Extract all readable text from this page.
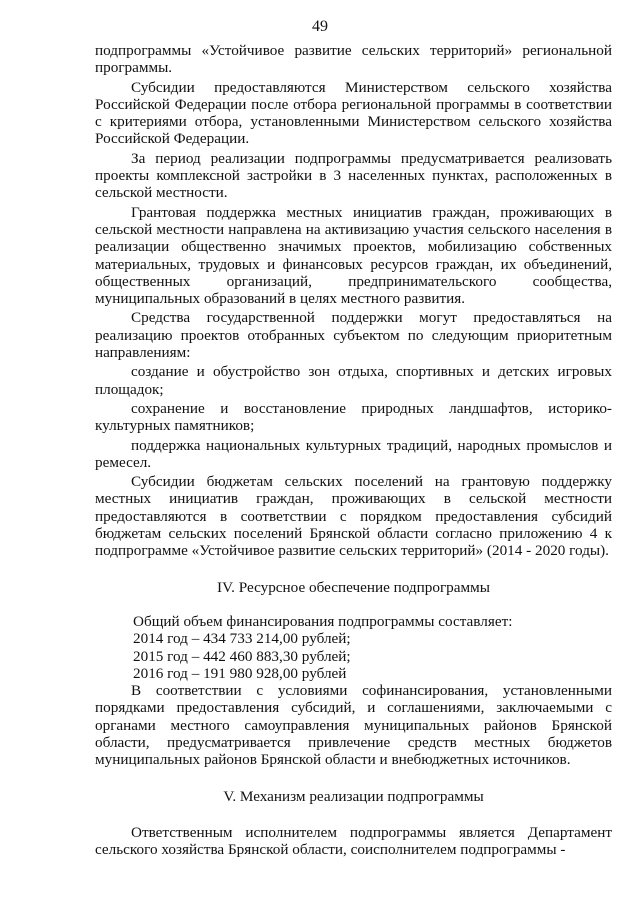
49

подпрограммы «Устойчивое развитие сельских территорий» региональной программы.

Субсидии предоставляются Министерством сельского хозяйства Российской Федерации после отбора региональной программы в соответствии с критериями отбора, установленными Министерством сельского хозяйства Российской Федерации.

За период реализации подпрограммы предусматривается реализовать проекты комплексной застройки в 3 населенных пунктах, расположенных в сельской местности.

Грантовая поддержка местных инициатив граждан, проживающих в сельской местности направлена на активизацию участия сельского населения в реализации общественно значимых проектов, мобилизацию собственных материальных, трудовых и финансовых ресурсов граждан, их объединений, общественных организаций, предпринимательского сообщества, муниципальных образований в целях местного развития.

Средства государственной поддержки могут предоставляться на реализацию проектов отобранных субъектом по следующим приоритетным направлениям:

создание и обустройство зон отдыха, спортивных и детских игровых площадок;

сохранение и восстановление природных ландшафтов, историко-культурных памятников;

поддержка национальных культурных традиций, народных промыслов и ремесел.

Субсидии бюджетам сельских поселений на грантовую поддержку местных инициатив граждан, проживающих в сельской местности предоставляются в соответствии с порядком предоставления субсидий бюджетам сельских поселений Брянской области согласно приложению 4 к подпрограмме «Устойчивое развитие сельских территорий» (2014 - 2020 годы).

IV. Ресурсное обеспечение подпрограммы

Общий объем финансирования подпрограммы составляет:

2014 год – 434 733 214,00 рублей;

2015 год – 442 460 883,30 рублей;

2016 год – 191 980 928,00 рублей

В соответствии с условиями софинансирования, установленными порядками предоставления субсидий, и соглашениями, заключаемыми с органами местного самоуправления муниципальных районов Брянской области, предусматривается привлечение средств местных бюджетов муниципальных районов Брянской области и внебюджетных источников.

V. Механизм реализации подпрограммы

Ответственным исполнителем подпрограммы является Департамент сельского хозяйства Брянской области, соисполнителем подпрограммы -
